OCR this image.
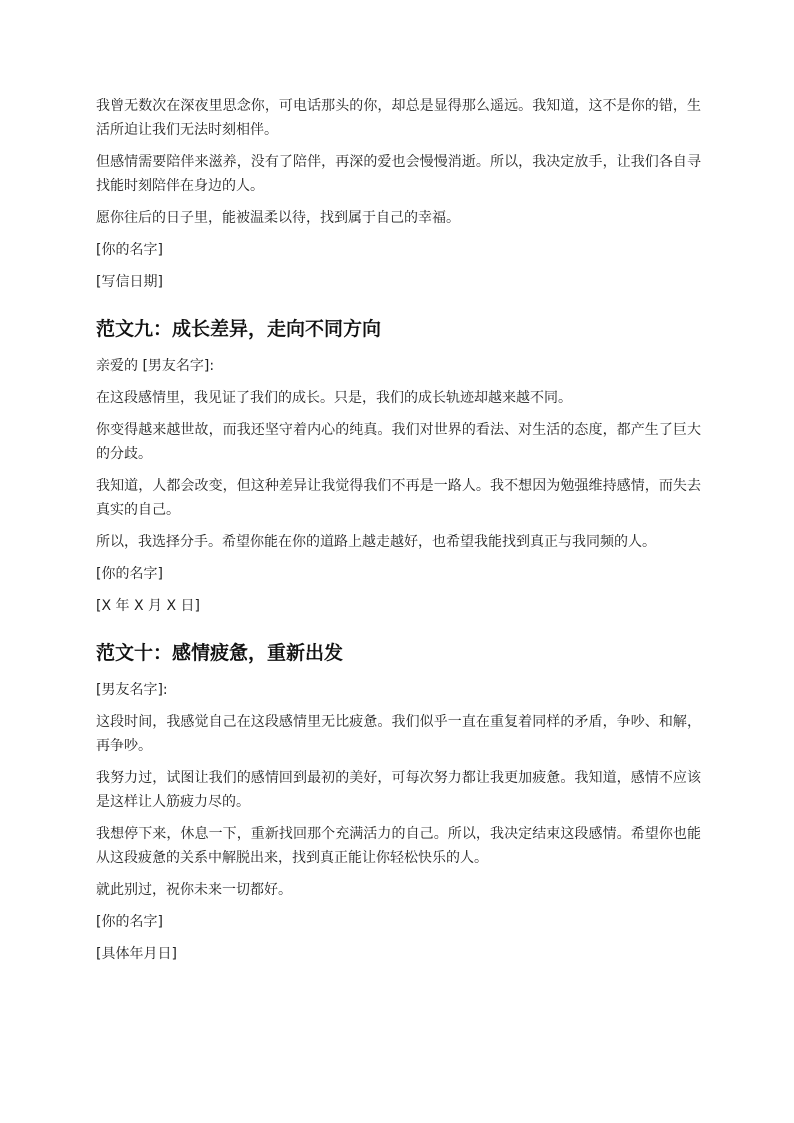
我曾无数次在深夜里思念你，可电话那头的你，却总是显得那么遥远。我知道，这不是你的错，生活所迫让我们无法时刻相伴。

但感情需要陪伴来滋养，没有了陪伴，再深的爱也会慢慢消逝。所以，我决定放手，让我们各自寻找能时刻陪伴在身边的人。

愿你往后的日子里，能被温柔以待，找到属于自己的幸福。

[你的名字]

[写信日期]

范文九：成长差异，走向不同方向

亲爱的 [男友名字]:

在这段感情里，我见证了我们的成长。只是，我们的成长轨迹却越来越不同。

你变得越来越世故，而我还坚守着内心的纯真。我们对世界的看法、对生活的态度，都产生了巨大的分歧。

我知道，人都会改变，但这种差异让我觉得我们不再是一路人。我不想因为勉强维持感情，而失去真实的自己。

所以，我选择分手。希望你能在你的道路上越走越好，也希望我能找到真正与我同频的人。

[你的名字]

[X 年 X 月 X 日]

范文十：感情疲惫，重新出发

[男友名字]:

这段时间，我感觉自己在这段感情里无比疲惫。我们似乎一直在重复着同样的矛盾，争吵、和解，再争吵。

我努力过，试图让我们的感情回到最初的美好，可每次努力都让我更加疲惫。我知道，感情不应该是这样让人筋疲力尽的。

我想停下来，休息一下，重新找回那个充满活力的自己。所以，我决定结束这段感情。希望你也能从这段疲惫的关系中解脱出来，找到真正能让你轻松快乐的人。

就此别过，祝你未来一切都好。

[你的名字]

[具体年月日]
